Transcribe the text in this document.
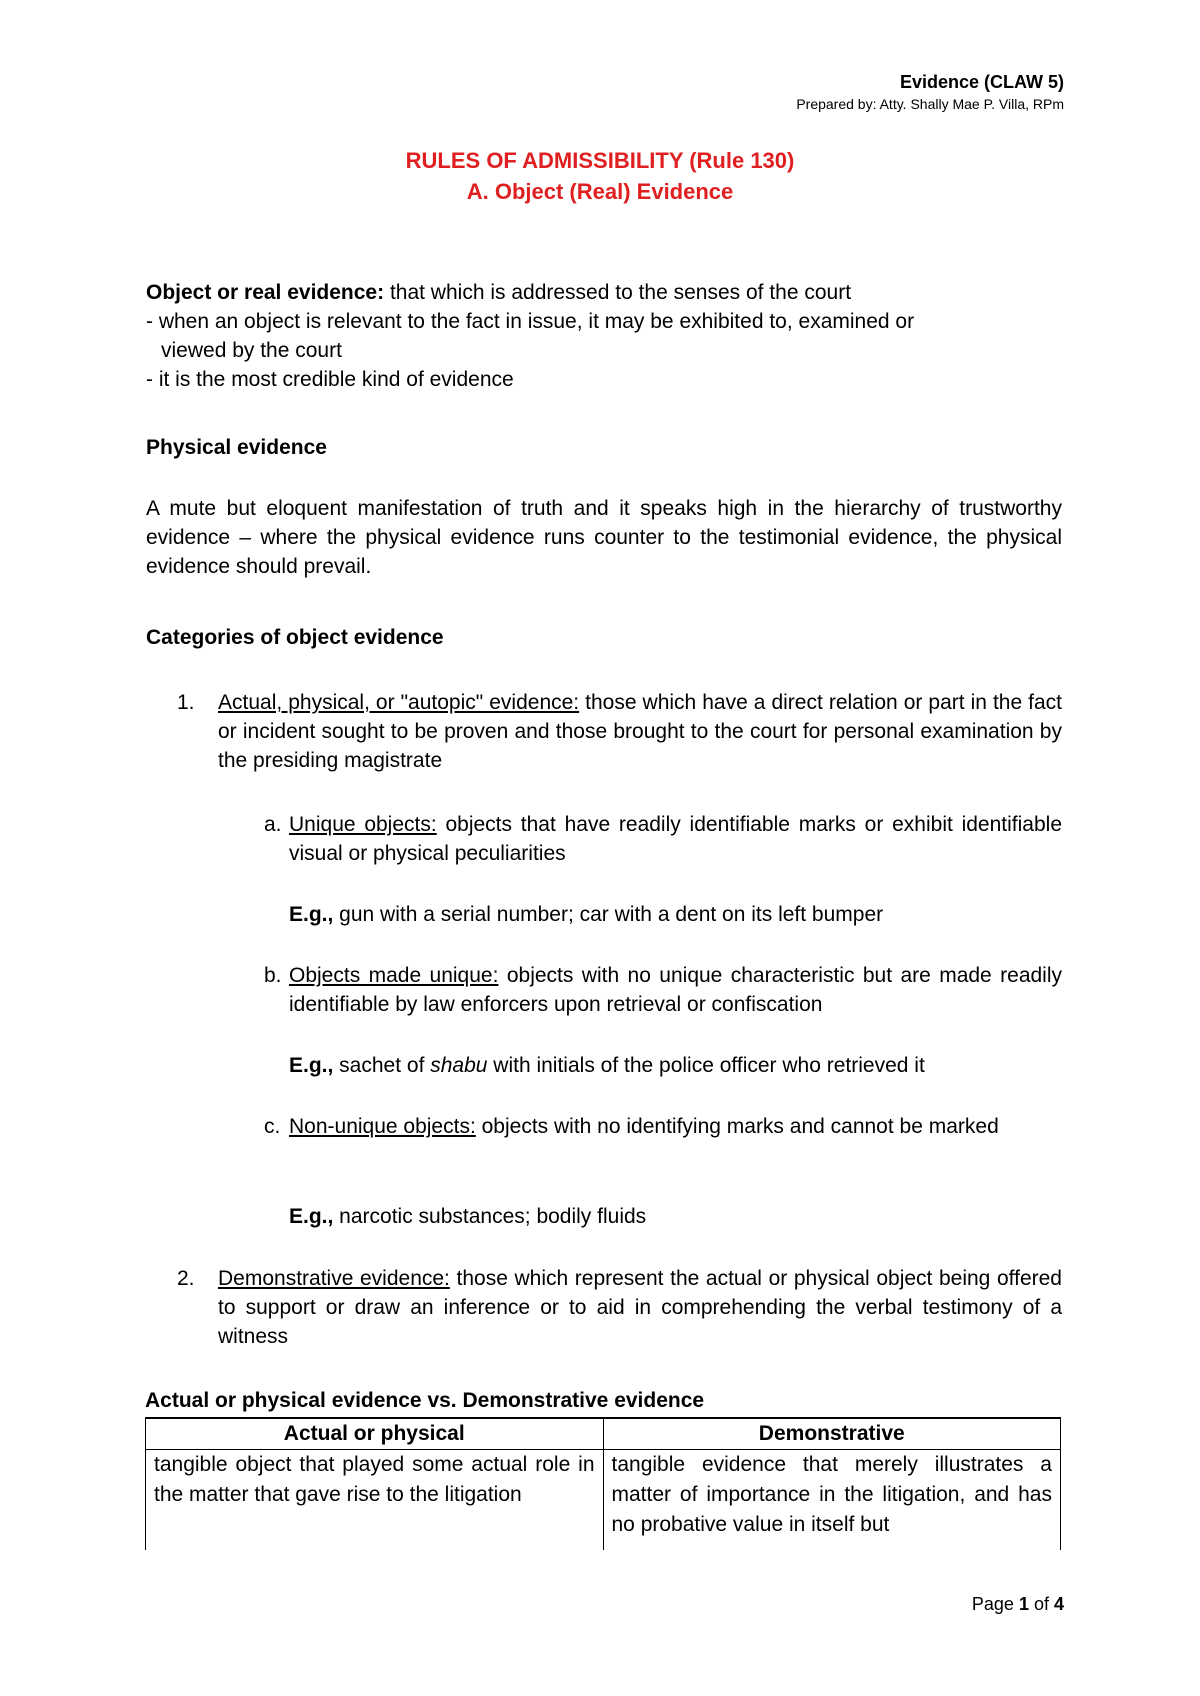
Evidence (CLAW 5)
Prepared by: Atty. Shally Mae P. Villa, RPm
RULES OF ADMISSIBILITY (Rule 130)
A. Object (Real) Evidence
Object or real evidence: that which is addressed to the senses of the court
- when an object is relevant to the fact in issue, it may be exhibited to, examined or
viewed by the court
- it is the most credible kind of evidence
Physical evidence
A mute but eloquent manifestation of truth and it speaks high in the hierarchy of trustworthy evidence – where the physical evidence runs counter to the testimonial evidence, the physical evidence should prevail.
Categories of object evidence
1. Actual, physical, or "autopic" evidence: those which have a direct relation or part in the fact or incident sought to be proven and those brought to the court for personal examination by the presiding magistrate
a. Unique objects: objects that have readily identifiable marks or exhibit identifiable visual or physical peculiarities
E.g., gun with a serial number; car with a dent on its left bumper
b. Objects made unique: objects with no unique characteristic but are made readily identifiable by law enforcers upon retrieval or confiscation
E.g., sachet of shabu with initials of the police officer who retrieved it
c. Non-unique objects: objects with no identifying marks and cannot be marked
E.g., narcotic substances; bodily fluids
2. Demonstrative evidence: those which represent the actual or physical object being offered to support or draw an inference or to aid in comprehending the verbal testimony of a witness
Actual or physical evidence vs. Demonstrative evidence
Actual or physical	Demonstrative
tangible object that played some actual role in the matter that gave rise to the litigation	tangible evidence that merely illustrates a matter of importance in the litigation, and has no probative value in itself but
Page 1 of 4
